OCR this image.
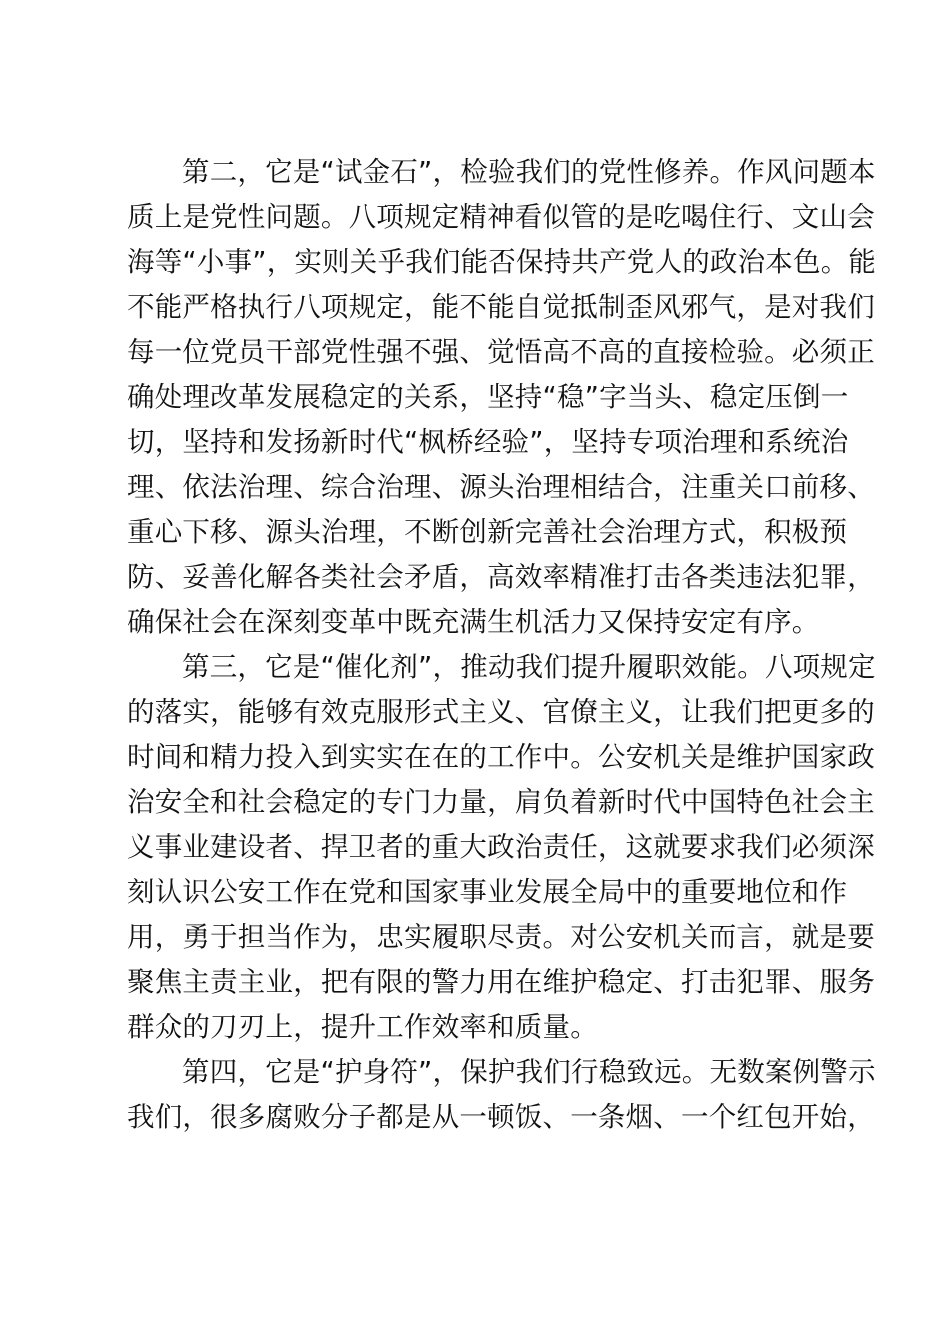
第二，它是“试金石”，检验我们的党性修养。作风问题本
质上是党性问题。八项规定精神看似管的是吃喝住行、文山会
海等“小事”，实则关乎我们能否保持共产党人的政治本色。能
不能严格执行八项规定，能不能自觉抵制歪风邪气，是对我们
每一位党员干部党性强不强、觉悟高不高的直接检验。必须正
确处理改革发展稳定的关系，坚持“稳”字当头、稳定压倒一
切，坚持和发扬新时代“枫桥经验”，坚持专项治理和系统治
理、依法治理、综合治理、源头治理相结合，注重关口前移、
重心下移、源头治理，不断创新完善社会治理方式，积极预
防、妥善化解各类社会矛盾，高效率精准打击各类违法犯罪，
确保社会在深刻变革中既充满生机活力又保持安定有序。
第三，它是“催化剂”，推动我们提升履职效能。八项规定
的落实，能够有效克服形式主义、官僚主义，让我们把更多的
时间和精力投入到实实在在的工作中。公安机关是维护国家政
治安全和社会稳定的专门力量，肩负着新时代中国特色社会主
义事业建设者、捍卫者的重大政治责任，这就要求我们必须深
刻认识公安工作在党和国家事业发展全局中的重要地位和作
用，勇于担当作为，忠实履职尽责。对公安机关而言，就是要
聚焦主责主业，把有限的警力用在维护稳定、打击犯罪、服务
群众的刀刃上，提升工作效率和质量。
第四，它是“护身符”，保护我们行稳致远。无数案例警示
我们，很多腐败分子都是从一顿饭、一条烟、一个红包开始，
